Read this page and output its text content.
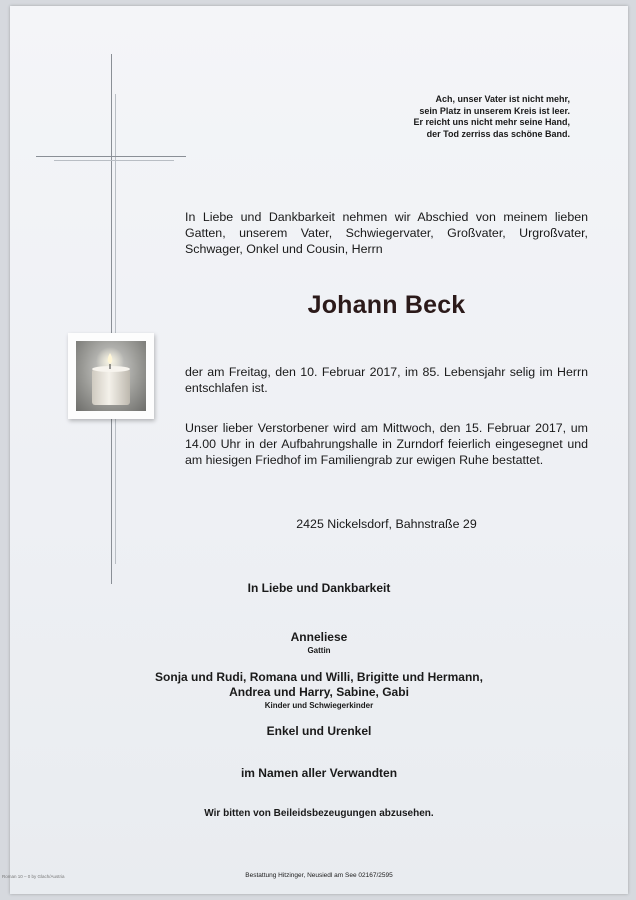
Ach, unser Vater ist nicht mehr,
sein Platz in unserem Kreis ist leer.
Er reicht uns nicht mehr seine Hand,
der Tod zerriss das schöne Band.
In Liebe und Dankbarkeit nehmen wir Abschied von meinem lieben Gatten, unserem Vater, Schwiegervater, Großvater, Urgroßvater, Schwager, Onkel und Cousin, Herrn
Johann Beck
der am Freitag, den 10. Februar 2017, im 85. Lebensjahr selig im Herrn entschlafen ist.
Unser lieber Verstorbener wird am Mittwoch, den 15. Februar 2017, um 14.00 Uhr in der Aufbahrungshalle in Zurndorf feierlich eingesegnet und am hiesigen Friedhof im Familiengrab zur ewigen Ruhe bestattet.
2425 Nickelsdorf, Bahnstraße 29
In Liebe und Dankbarkeit
Anneliese
Gattin
Sonja und Rudi, Romana und Willi, Brigitte und Hermann,
Andrea und Harry, Sabine, Gabi
Kinder und Schwiegerkinder
Enkel und Urenkel
im Namen aller Verwandten
Wir bitten von Beileidsbezeugungen abzusehen.
Bestattung Hitzinger, Neusiedl am See 02167/2595
Roman 10 – 0 by Glach/Austria
